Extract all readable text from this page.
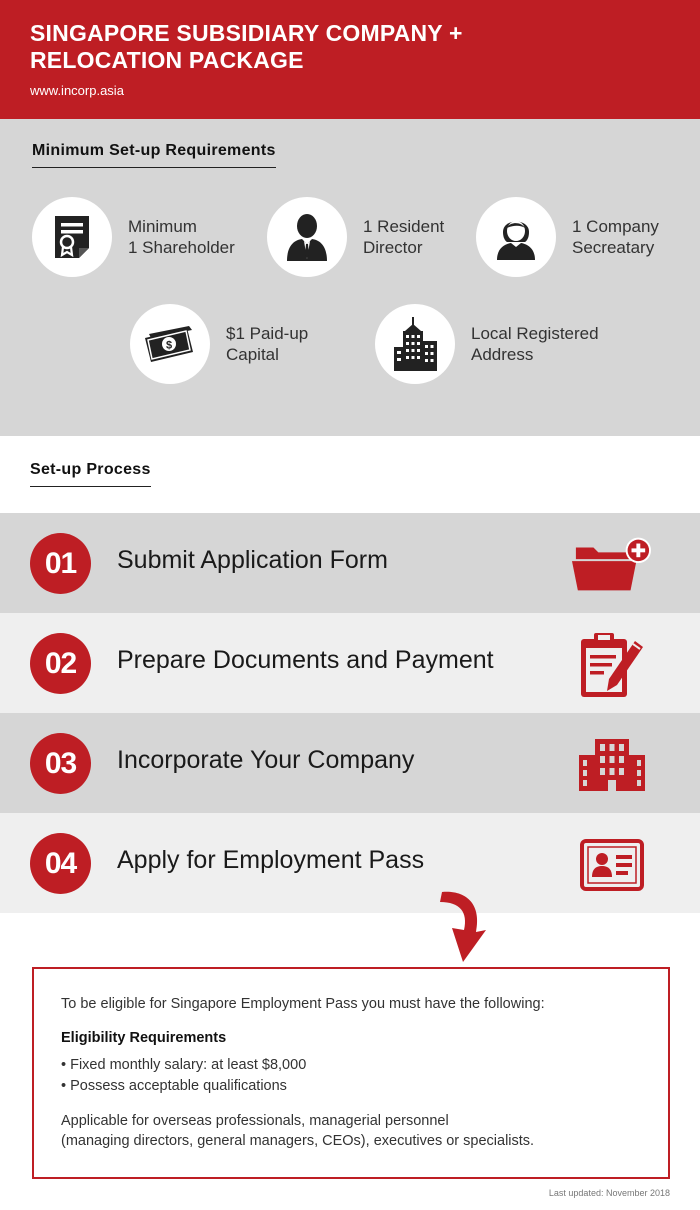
SINGAPORE SUBSIDIARY COMPANY +
RELOCATION PACKAGE
www.incorp.asia
Minimum Set-up Requirements
Minimum
1 Shareholder
1 Resident
Director
1 Company
Secreatary
$
$1 Paid-up
Capital
Local Registered
Address
Set-up Process
01	Submit Application Form
02	Prepare Documents and Payment
03	Incorporate Your Company
04	Apply for Employment Pass
To be eligible for Singapore Employment Pass you must have the following:
Eligibility Requirements
• Fixed monthly salary: at least $8,000
• Possess acceptable qualifications
Applicable for overseas professionals, managerial personnel
(managing directors, general managers, CEOs), executives or specialists.
Last updated: November 2018
